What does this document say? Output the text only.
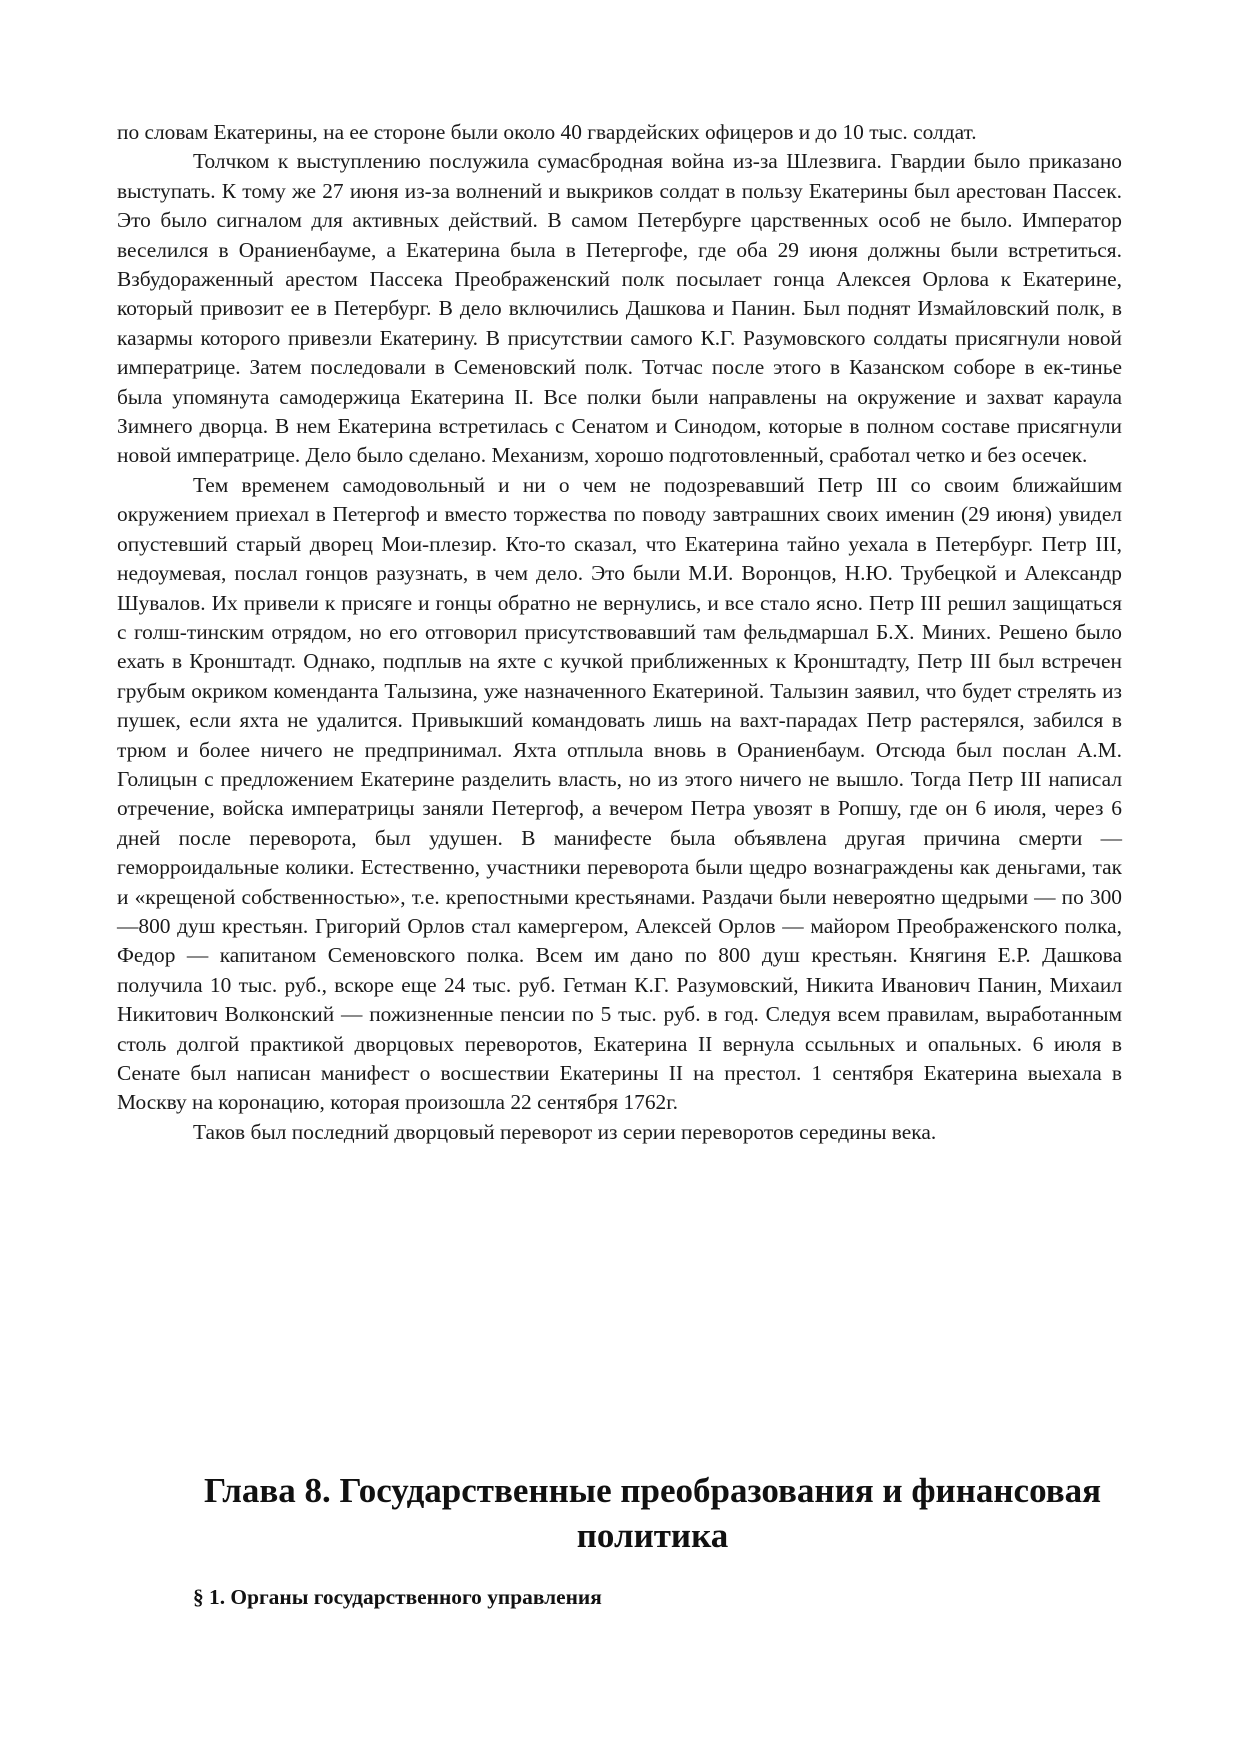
по словам Екатерины, на ее стороне были около 40 гвардейских офицеров и до 10 тыс. солдат.

Толчком к выступлению послужила сумасбродная война из-за Шлезвига. Гвардии было приказано выступать. К тому же 27 июня из-за волнений и выкриков солдат в пользу Екатерины был арестован Пассек. Это было сигналом для активных действий. В самом Петербурге царственных особ не было. Император веселился в Ораниенбауме, а Екатерина была в Петергофе, где оба 29 июня должны были встретиться. Взбудораженный арестом Пассека Преображенский полк посылает гонца Алексея Орлова к Екатерине, который привозит ее в Петербург. В дело включились Дашкова и Панин. Был поднят Измайловский полк, в казармы которого привезли Екатерину. В присутствии самого К.Г. Разумовского солдаты присягнули новой императрице. Затем последовали в Семеновский полк. Тотчас после этого в Казанском соборе в ек-тинье была упомянута самодержица Екатерина II. Все полки были направлены на окружение и захват караула Зимнего дворца. В нем Екатерина встретилась с Сенатом и Синодом, которые в полном составе присягнули новой императрице. Дело было сделано. Механизм, хорошо подготовленный, сработал четко и без осечек.

Тем временем самодовольный и ни о чем не подозревавший Петр III со своим ближайшим окружением приехал в Петергоф и вместо торжества по поводу завтрашних своих именин (29 июня) увидел опустевший старый дворец Мои-плезир. Кто-то сказал, что Екатерина тайно уехала в Петербург. Петр III, недоумевая, послал гонцов разузнать, в чем дело. Это были М.И. Воронцов, Н.Ю. Трубецкой и Александр Шувалов. Их привели к присяге и гонцы обратно не вернулись, и все стало ясно. Петр III решил защищаться с голш-тинским отрядом, но его отговорил присутствовавший там фельдмаршал Б.Х. Миних. Решено было ехать в Кронштадт. Однако, подплыв на яхте с кучкой приближенных к Кронштадту, Петр III был встречен грубым окриком коменданта Талызина, уже назначенного Екатериной. Талызин заявил, что будет стрелять из пушек, если яхта не удалится. Привыкший командовать лишь на вахт-парадах Петр растерялся, забился в трюм и более ничего не предпринимал. Яхта отплыла вновь в Ораниенбаум. Отсюда был послан А.М. Голицын с предложением Екатерине разделить власть, но из этого ничего не вышло. Тогда Петр III написал отречение, войска императрицы заняли Петергоф, а вечером Петра увозят в Ропшу, где он 6 июля, через 6 дней после переворота, был удушен. В манифесте была объявлена другая причина смерти — геморроидальные колики. Естественно, участники переворота были щедро вознаграждены как деньгами, так и «крещеной собственностью», т.е. крепостными крестьянами. Раздачи были невероятно щедрыми — по 300—800 душ крестьян. Григорий Орлов стал камергером, Алексей Орлов — майором Преображенского полка, Федор — капитаном Семеновского полка. Всем им дано по 800 душ крестьян. Княгиня Е.Р. Дашкова получила 10 тыс. руб., вскоре еще 24 тыс. руб. Гетман К.Г. Разумовский, Никита Иванович Панин, Михаил Никитович Волконский — пожизненные пенсии по 5 тыс. руб. в год. Следуя всем правилам, выработанным столь долгой практикой дворцовых переворотов, Екатерина II вернула ссыльных и опальных. 6 июля в Сенате был написан манифест о восшествии Екатерины II на престол. 1 сентября Екатерина выехала в Москву на коронацию, которая произошла 22 сентября 1762г.

Таков был последний дворцовый переворот из серии переворотов середины века.

Глава 8. Государственные преобразования и финансовая политика
§ 1. Органы государственного управления
